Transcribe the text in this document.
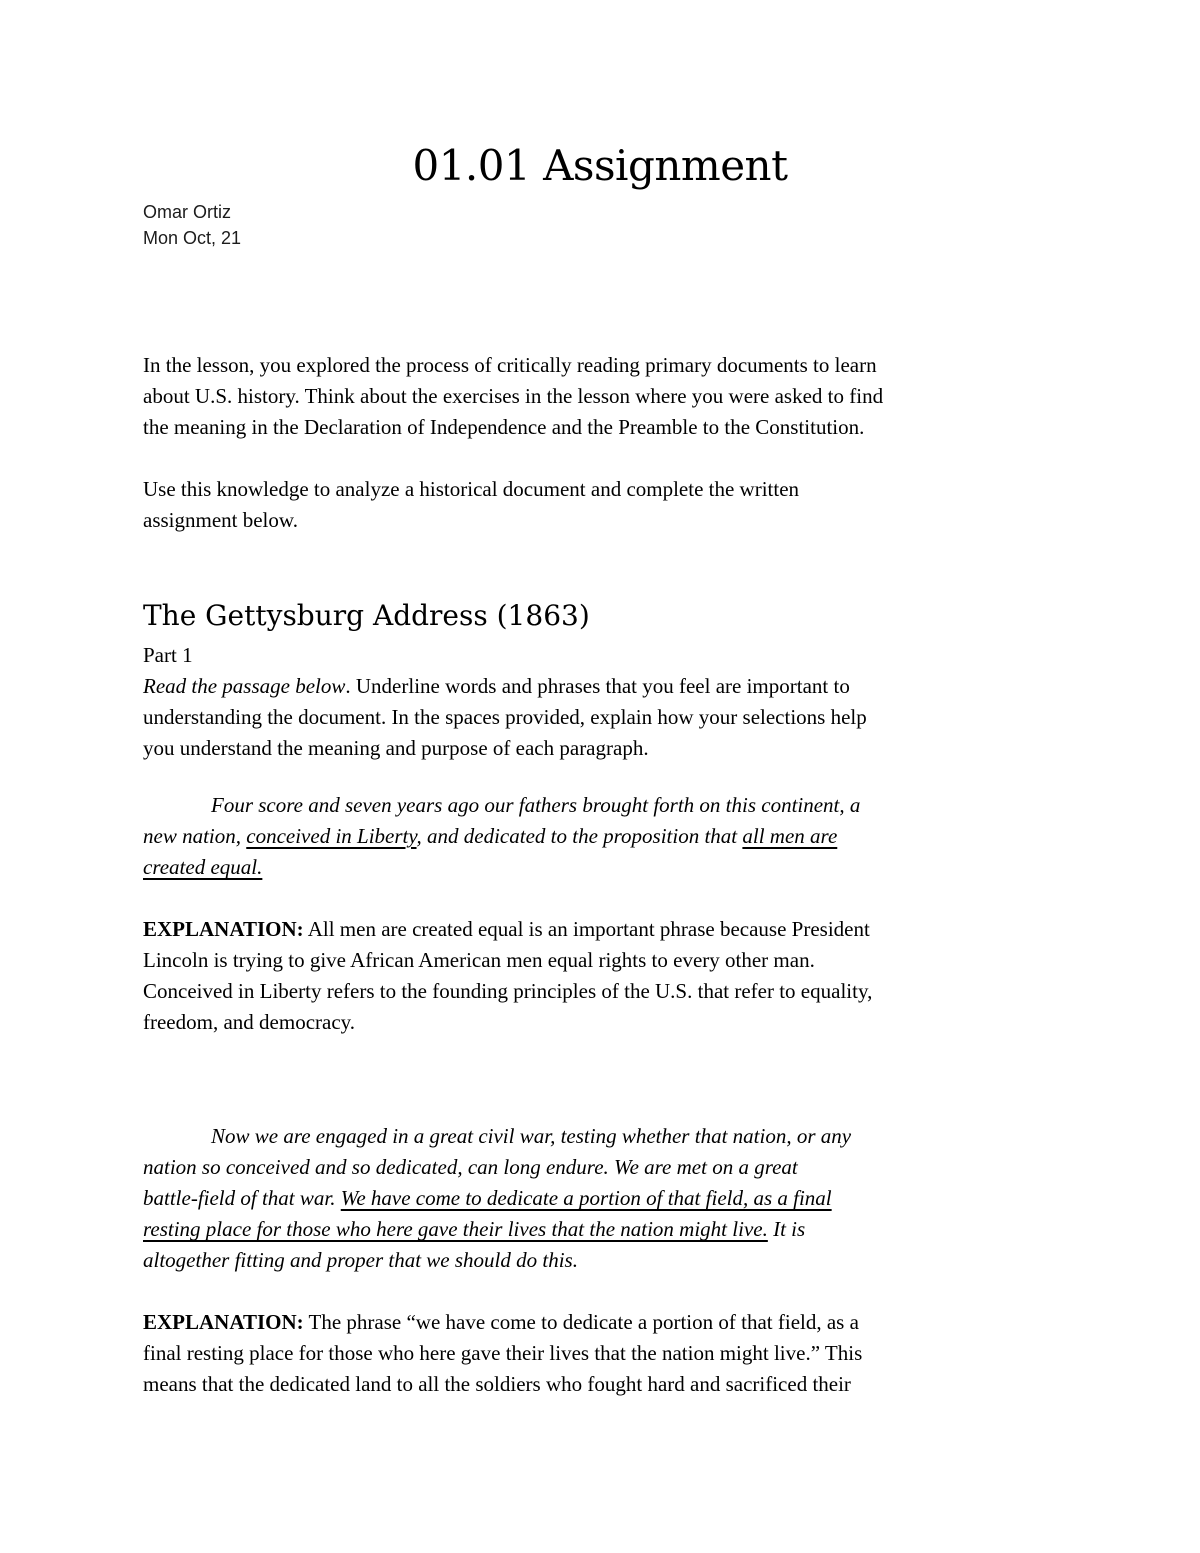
01.01 Assignment
Omar Ortiz
Mon Oct, 21
In the lesson, you explored the process of critically reading primary documents to learn
about U.S. history. Think about the exercises in the lesson where you were asked to find
the meaning in the Declaration of Independence and the Preamble to the Constitution.
Use this knowledge to analyze a historical document and complete the written
assignment below.
The Gettysburg Address (1863)
Part 1
Read the passage below. Underline words and phrases that you feel are important to
understanding the document. In the spaces provided, explain how your selections help
you understand the meaning and purpose of each paragraph.
Four score and seven years ago our fathers brought forth on this continent, a
new nation, conceived in Liberty, and dedicated to the proposition that all men are
created equal.
EXPLANATION: All men are created equal is an important phrase because President
Lincoln is trying to give African American men equal rights to every other man.
Conceived in Liberty refers to the founding principles of the U.S. that refer to equality,
freedom, and democracy.
Now we are engaged in a great civil war, testing whether that nation, or any
nation so conceived and so dedicated, can long endure. We are met on a great
battle-field of that war. We have come to dedicate a portion of that field, as a final
resting place for those who here gave their lives that the nation might live. It is
altogether fitting and proper that we should do this.
EXPLANATION: The phrase “we have come to dedicate a portion of that field, as a
final resting place for those who here gave their lives that the nation might live.” This
means that the dedicated land to all the soldiers who fought hard and sacrificed their
